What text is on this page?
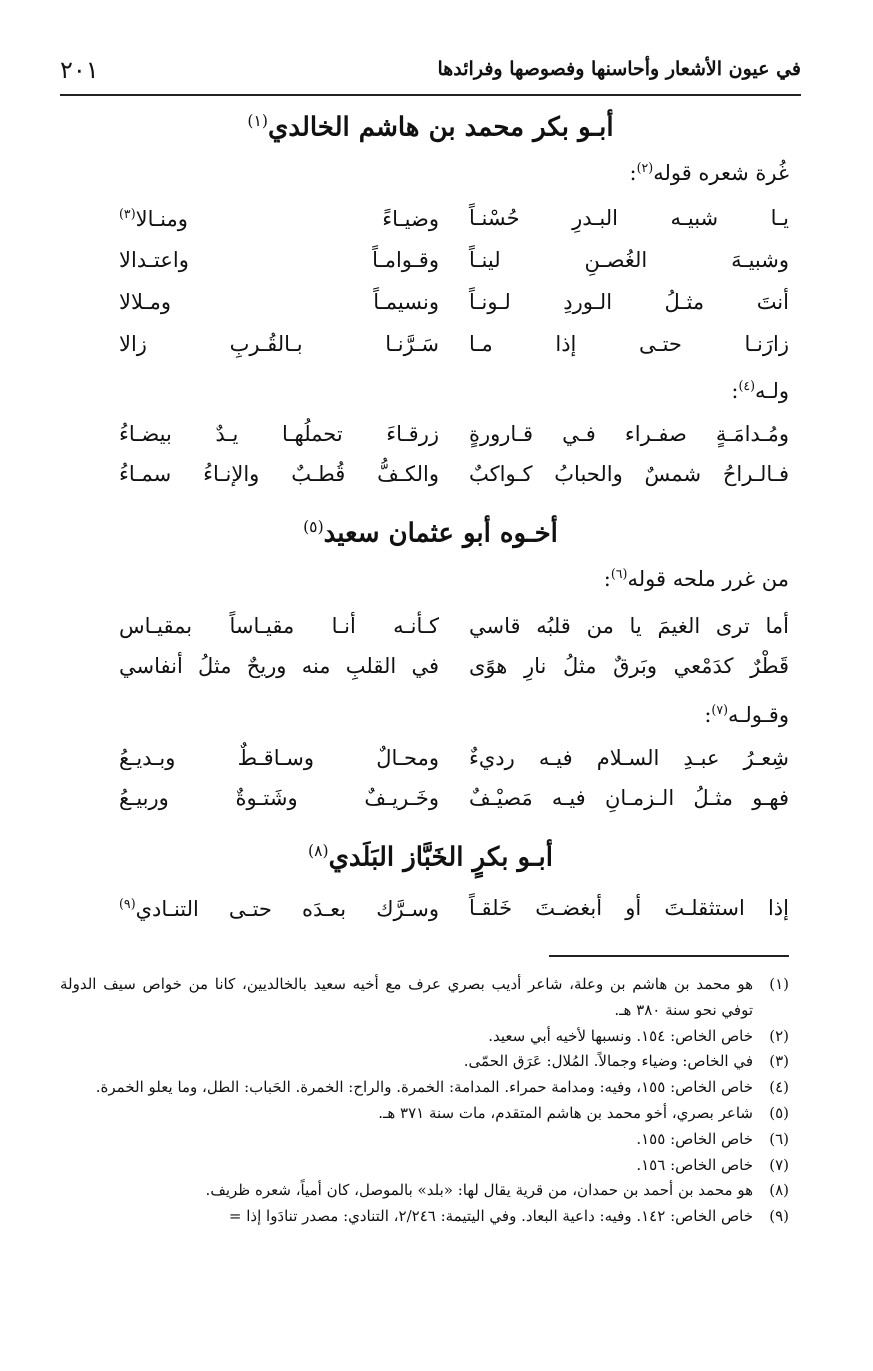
في عيون الأشعار وأحاسنها وفصوصها وفرائدها
٢٠١
أبـو بكر محمد بن هاشم الخالدي$^{(١)}$
غُرة شعره قوله$^{(٢)}$:
يـا شبيـه البـدرِ حُسْنـاً
وضيـاءً ومنـالا$^{(٣)}$
وشبيـهَ الغُصـنِ لينـاً
وقـوامـاً واعتـدالا
أنتَ مثـلُ الـوردِ لـونـاً
ونسيمـاً ومـلالا
زارَنـا حتـى إذا مـا
سَـرَّنـا بـالقُـربِ زالا
ولـه$^{(٤)}$:
ومُـدامَـةٍ صفـراء فـي قـارورةٍ
زرقـاءَ تحملُهـا يـدٌ بيضـاءُ
فـالـراحُ شمسٌ والحبابُ كـواكبٌ
والكـفُّ قُطـبٌ والإنـاءُ سمـاءُ
أخـوه أبو عثمان سعيد$^{(٥)}$
من غرر ملحه قوله$^{(٦)}$:
أما ترى الغيمَ يا من قلبُه قاسي
كـأنـه أنـا مقيـاساً بمقيـاس
قَطْرٌ كدَمْعي وبَرقٌ مثلُ نارِ هوًى
في القلبِ منه وريحٌ مثلُ أنفاسي
وقـولـه$^{(٧)}$:
شِعـرُ عبـدِ السـلام فيـه رديءٌ
ومحـالٌ وسـاقـطٌ وبـديـعُ
فهـو مثـلُ الـزمـانِ فيـه مَصيْـفٌ
وخَـريـفٌ وشَتـوةٌ وربيـعُ
أبـو بكرٍ الخَبَّاز البَلَدي$^{(٨)}$
إذا استثقلـتَ أو أبغضـتَ خَلقـاً
وسـرَّك بعـدَه حتـى التنـادي$^{(٩)}$
(١)
هو محمد بن هاشم بن وعلة، شاعر أديب بصري عرف مع أخيه سعيد بالخالديين، كانا من خواص سيف الدولة توفي نحو سنة ٣٨٠ هـ.
(٢)
خاص الخاص: ١٥٤. ونسبها لأخيه أبي سعيد.
(٣)
في الخاص: وضياء وجمالاً. المُلال: عَرَق الحمّى.
(٤)
خاص الخاص: ١٥٥، وفيه: ومدامة حمراء. المدامة: الخمرة. والراح: الخمرة. الحَباب: الطل، وما يعلو الخمرة.
(٥)
شاعر بصري، أخو محمد بن هاشم المتقدم، مات سنة ٣٧١ هـ.
(٦)
خاص الخاص: ١٥٥.
(٧)
خاص الخاص: ١٥٦.
(٨)
هو محمد بن أحمد بن حمدان، من قرية يقال لها: «بلد» بالموصل، كان أمياً، شعره ظريف.
(٩)
خاص الخاص: ١٤٢. وفيه: داعية البعاد. وفي اليتيمة: ٢/٢٤٦، التنادي: مصدر تنادَوا إذا =
